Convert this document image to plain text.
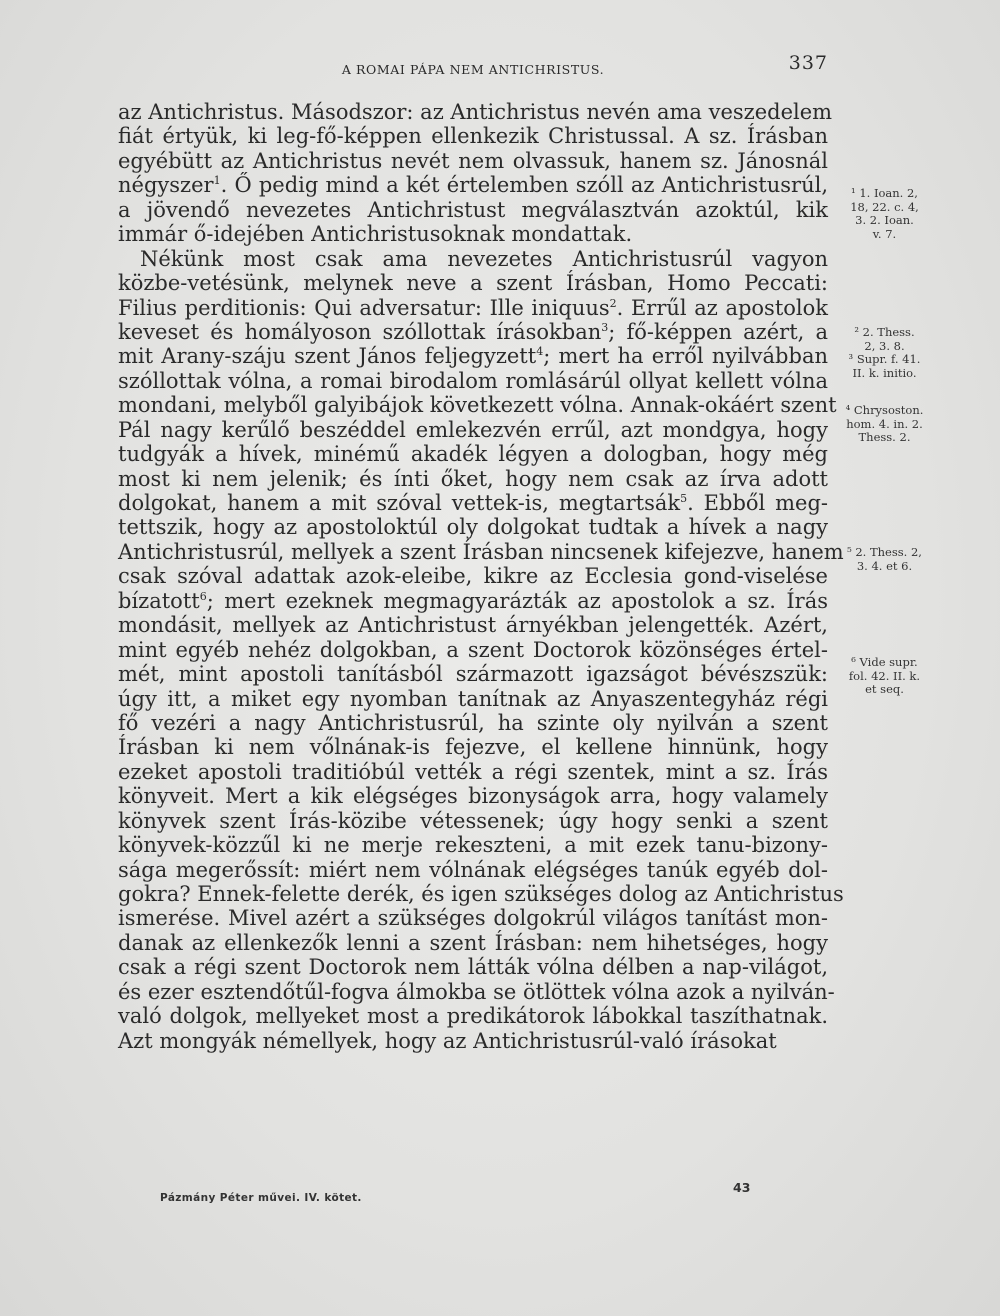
A ROMAI PÁPA NEM ANTICHRISTUS.	337
az Antichristus. Másodszor: az Antichristus nevén ama veszedelem
fiát értyük, ki leg-fő-képpen ellenkezik Christussal. A sz. Írásban
egyébütt az Antichristus nevét nem olvassuk, hanem sz. Jánosnál
négyszer$^1$. Ő pedig mind a két értelemben szóll az Antichristusrúl,
a jövendő nevezetes Antichristust megválasztván azoktúl, kik
immár ő-idejében Antichristusoknak mondattak.
Nékünk most csak ama nevezetes Antichristusrúl vagyon
közbe-vetésünk, melynek neve a szent Írásban, Homo Peccati:
Filius perditionis: Qui adversatur: Ille iniquus$^2$. Errűl az apostolok
keveset és homályoson szóllottak írásokban$^3$; fő-képpen azért, a
mit Arany-száju szent János feljegyzett$^4$; mert ha erről nyilvábban
szóllottak vólna, a romai birodalom romlásárúl ollyat kellett vólna
mondani, melyből galyibájok következett vólna. Annak-okáért szent
Pál nagy kerűlő beszéddel emlekezvén errűl, azt mondgya, hogy
tudgyák a hívek, minémű akadék légyen a dologban, hogy még
most ki nem jelenik; és ínti őket, hogy nem csak az írva adott
dolgokat, hanem a mit szóval vettek-is, megtartsák$^5$. Ebből meg-
tettszik, hogy az apostoloktúl oly dolgokat tudtak a hívek a nagy
Antichristusrúl, mellyek a szent Írásban nincsenek kifejezve, hanem
csak szóval adattak azok-eleibe, kikre az Ecclesia gond-viselése
bízatott$^6$; mert ezeknek megmagyarázták az apostolok a sz. Írás
mondásit, mellyek az Antichristust árnyékban jelengették. Azért,
mint egyéb nehéz dolgokban, a szent Doctorok közönséges értel-
mét, mint apostoli tanításból származott igazságot bévészszük:
úgy itt, a miket egy nyomban tanítnak az Anyaszentegyház régi
fő vezéri a nagy Antichristusrúl, ha szinte oly nyilván a szent
Írásban ki nem vőlnának-is fejezve, el kellene hinnünk, hogy
ezeket apostoli traditióbúl vették a régi szentek, mint a sz. Írás
könyveit. Mert a kik elégséges bizonyságok arra, hogy valamely
könyvek szent Írás-közibe vétessenek; úgy hogy senki a szent
könyvek-közzűl ki ne merje rekeszteni, a mit ezek tanu-bizony-
sága megerőssít: miért nem vólnának elégséges tanúk egyéb dol-
gokra? Ennek-felette derék, és igen szükséges dolog az Antichristus
ismerése. Mivel azért a szükséges dolgokrúl világos tanítást mon-
danak az ellenkezők lenni a szent Írásban: nem hihetséges, hogy
csak a régi szent Doctorok nem látták vólna délben a nap-világot,
és ezer esztendőtűl-fogva álmokba se ötlöttek vólna azok a nyilván-
való dolgok, mellyeket most a predikátorok lábokkal taszíthatnak.
Azt mongyák némellyek, hogy az Antichristusrúl-való írásokat
¹ 1. Ioan. 2,
18, 22. c. 4,
3. 2. Ioan.
v. 7.
² 2. Thess.
2, 3. 8.
³ Supr. f. 41.
II. k. initio.
⁴ Chrysoston.
hom. 4. in. 2.
Thess. 2.
⁵ 2. Thess. 2,
3. 4. et 6.
⁶ Vide supr.
fol. 42. II. k.
et seq.
Pázmány Péter művei. IV. kötet.
43
